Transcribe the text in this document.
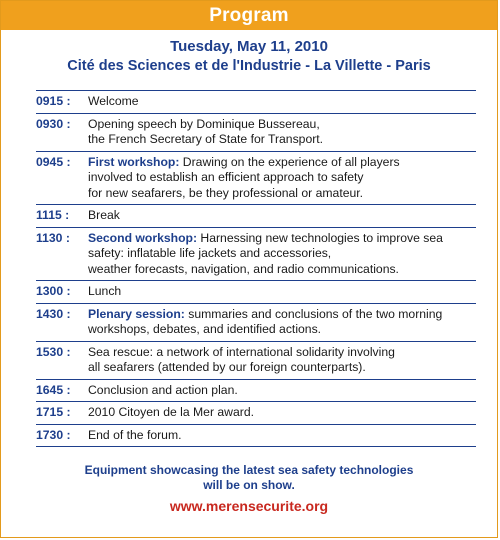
Program
Tuesday, May 11, 2010
Cité des Sciences et de l'Industrie - La Villette - Paris
0915 :	Welcome
0930 :	Opening speech by Dominique Bussereau,
the French Secretary of State for Transport.
0945 :	First workshop: Drawing on the experience of all players
involved to establish an efficient approach to safety
for new seafarers, be they professional or amateur.
1115 :	Break
1130 :	Second workshop: Harnessing new technologies to improve sea
safety: inflatable life jackets and accessories,
weather forecasts, navigation, and radio communications.
1300 :	Lunch
1430 :	Plenary session: summaries and conclusions of the two morning
workshops, debates, and identified actions.
1530 :	Sea rescue: a network of international solidarity involving
all seafarers (attended by our foreign counterparts).
1645 :	Conclusion and action plan.
1715 :	2010 Citoyen de la Mer award.
1730 :	End of the forum.
Equipment showcasing the latest sea safety technologies
will be on show.
www.merensecurite.org
